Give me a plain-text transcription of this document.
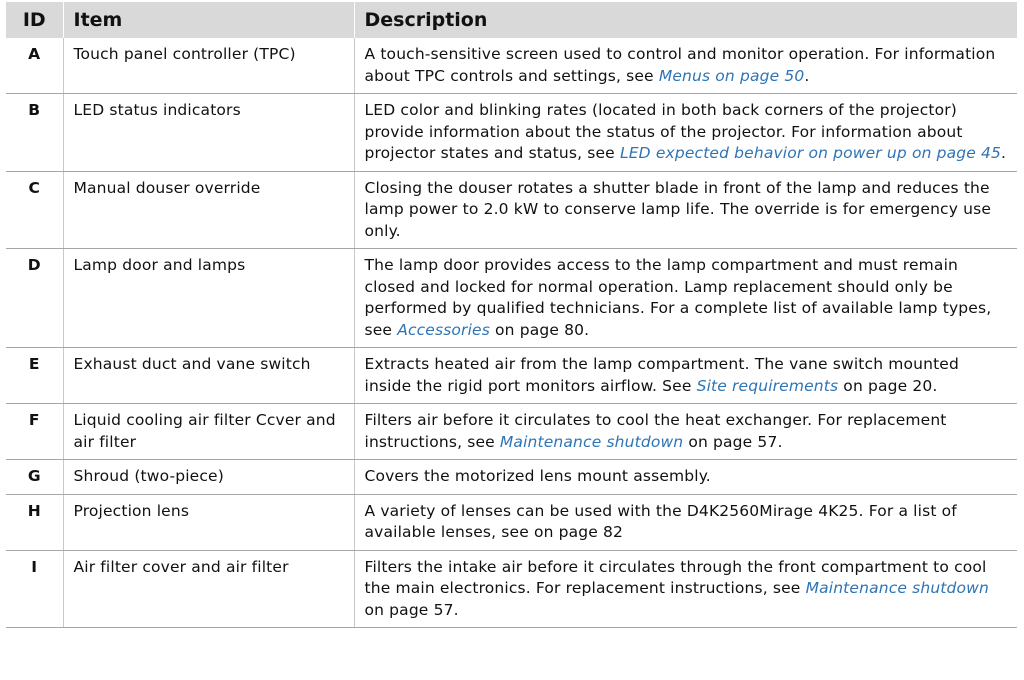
ID	Item	Description
A	Touch panel controller (TPC)	A touch-sensitive screen used to control and monitor operation. For information about TPC controls and settings, see Menus on page 50.
B	LED status indicators	LED color and blinking rates (located in both back corners of the projector) provide information about the status of the projector. For information about projector states and status, see LED expected behavior on power up on page 45.
C	Manual douser override	Closing the douser rotates a shutter blade in front of the lamp and reduces the lamp power to 2.0 kW to conserve lamp life. The override is for emergency use only.
D	Lamp door and lamps	The lamp door provides access to the lamp compartment and must remain closed and locked for normal operation. Lamp replacement should only be performed by qualified technicians. For a complete list of available lamp types, see Accessories on page 80.
E	Exhaust duct and vane switch	Extracts heated air from the lamp compartment. The vane switch mounted inside the rigid port monitors airflow. See Site requirements on page 20.
F	Liquid cooling air filter Ccver and air filter	Filters air before it circulates to cool the heat exchanger. For replacement instructions, see Maintenance shutdown on page 57.
G	Shroud (two-piece)	Covers the motorized lens mount assembly.
H	Projection lens	A variety of lenses can be used with the D4K2560Mirage 4K25. For a list of available lenses, see on page 82
I	Air filter cover and air filter	Filters the intake air before it circulates through the front compartment to cool the main electronics. For replacement instructions, see Maintenance shutdown on page 57.
